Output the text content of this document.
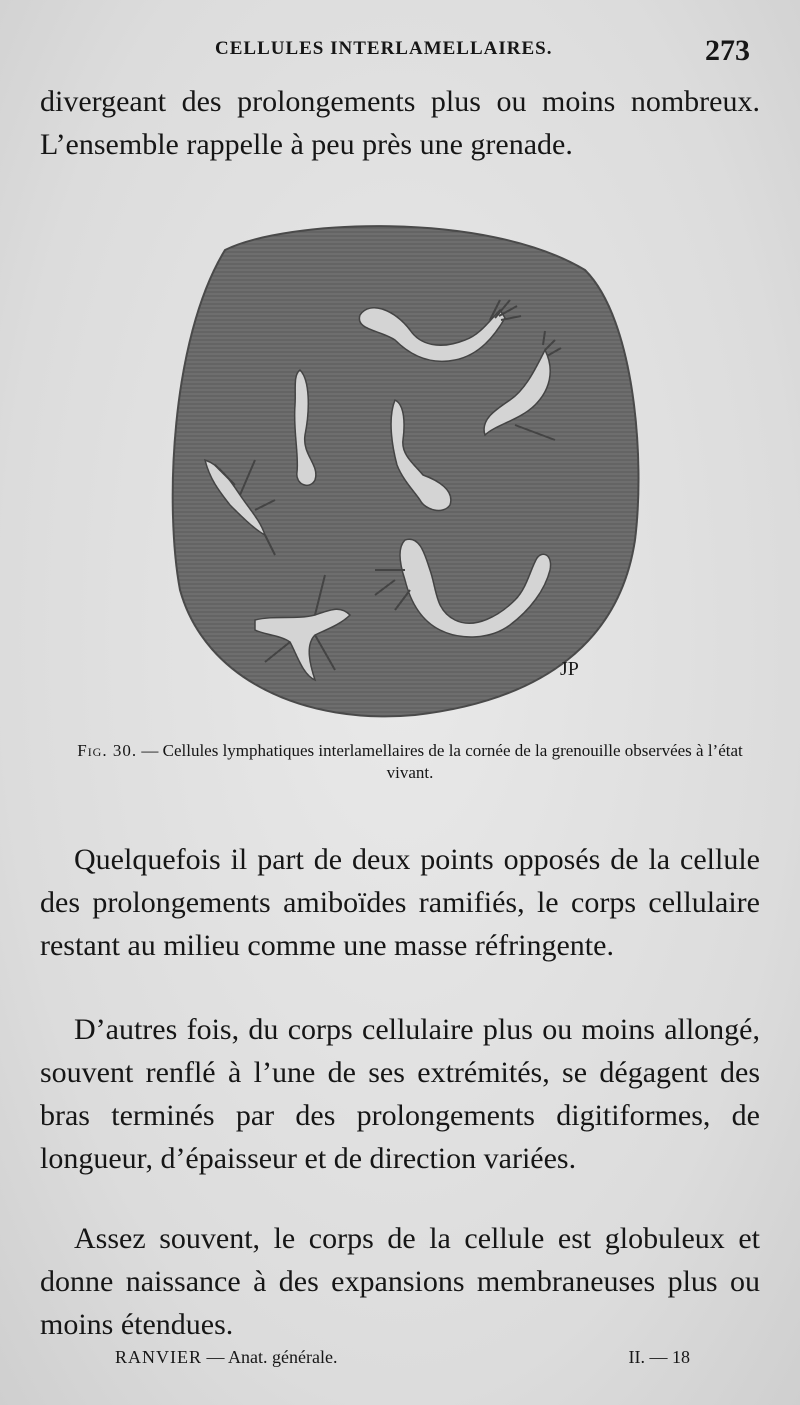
CELLULES INTERLAMELLAIRES.	273

divergeant des prolongements plus ou moins nombreux. L’ensemble rappelle à peu près une grenade.

JP
Fig. 30. — Cellules lymphatiques interlamellaires de la cornée de la grenouille observées à l’état vivant.

Quelquefois il part de deux points opposés de la cellule des prolongements amiboïdes ramifiés, le corps cellulaire restant au milieu comme une masse réfringente.

D’autres fois, du corps cellulaire plus ou moins allongé, souvent renflé à l’une de ses extrémités, se dégagent des bras terminés par des prolongements digitiformes, de longueur, d’épaisseur et de direction variées.

Assez souvent, le corps de la cellule est globuleux et donne naissance à des expansions membraneuses plus ou moins étendues.

RANVIER — Anat. générale.	II. — 18
